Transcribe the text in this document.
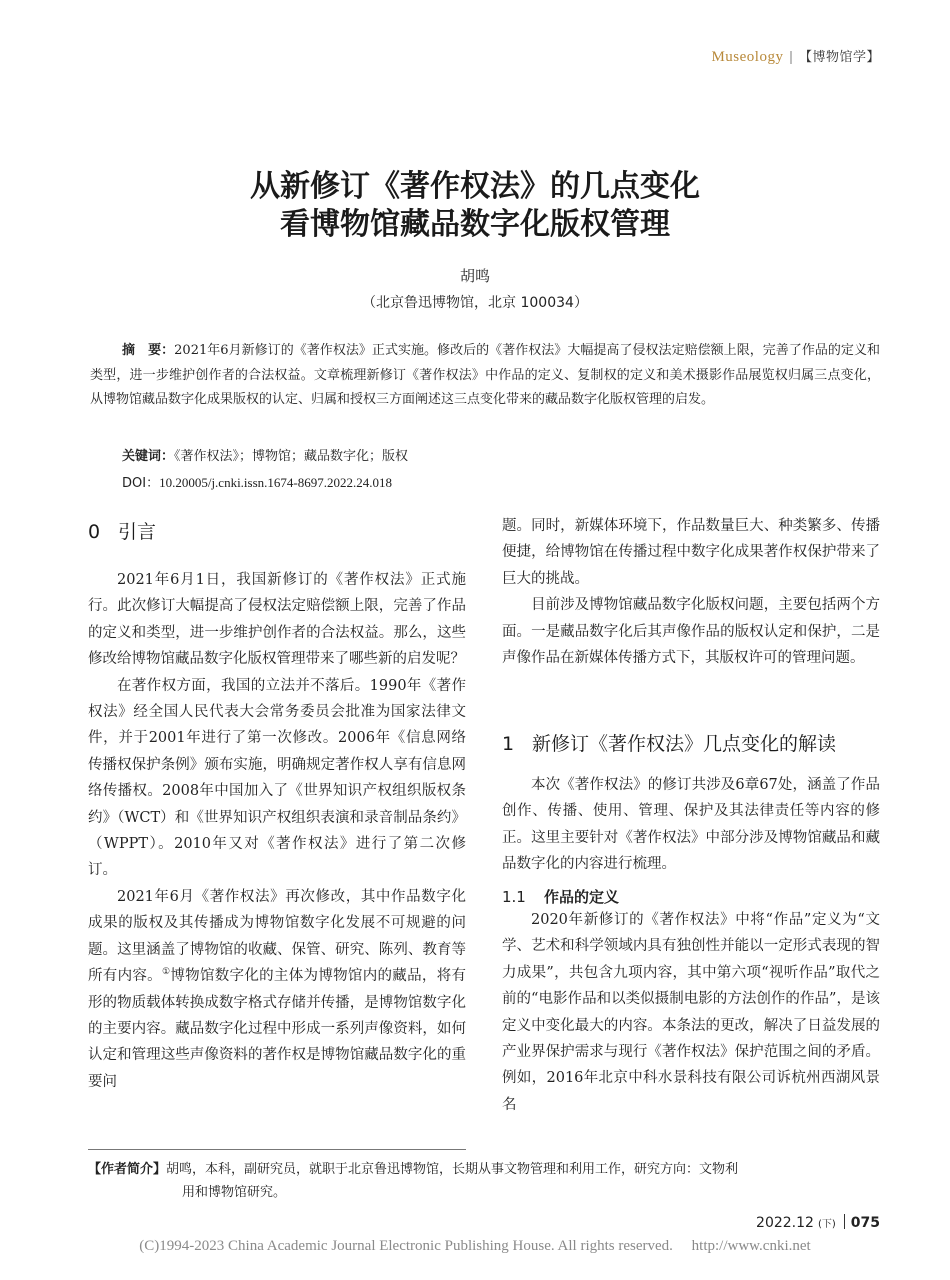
Museology | 【博物馆学】
从新修订《著作权法》的几点变化
看博物馆藏品数字化版权管理
胡鸣
（北京鲁迅博物馆，北京 100034）
摘　要：2021年6月新修订的《著作权法》正式实施。修改后的《著作权法》大幅提高了侵权法定赔偿额上限，完善了作品的定义和类型，进一步维护创作者的合法权益。文章梳理新修订《著作权法》中作品的定义、复制权的定义和美术摄影作品展览权归属三点变化，从博物馆藏品数字化成果版权的认定、归属和授权三方面阐述这三点变化带来的藏品数字化版权管理的启发。
关键词：《著作权法》；博物馆；藏品数字化；版权
DOI：10.20005/j.cnki.issn.1674-8697.2022.24.018
0 引言

2021年6月1日，我国新修订的《著作权法》正式施行。此次修订大幅提高了侵权法定赔偿额上限，完善了作品的定义和类型，进一步维护创作者的合法权益。那么，这些修改给博物馆藏品数字化版权管理带来了哪些新的启发呢？

在著作权方面，我国的立法并不落后。1990年《著作权法》经全国人民代表大会常务委员会批准为国家法律文件，并于2001年进行了第一次修改。2006年《信息网络传播权保护条例》颁布实施，明确规定著作权人享有信息网络传播权。2008年中国加入了《世界知识产权组织版权条约》（WCT）和《世界知识产权组织表演和录音制品条约》（WPPT）。2010年又对《著作权法》进行了第二次修订。

2021年6月《著作权法》再次修改，其中作品数字化成果的版权及其传播成为博物馆数字化发展不可规避的问题。这里涵盖了博物馆的收藏、保管、研究、陈列、教育等所有内容。①博物馆数字化的主体为博物馆内的藏品，将有形的物质载体转换成数字格式存储并传播，是博物馆数字化的主要内容。藏品数字化过程中形成一系列声像资料，如何认定和管理这些声像资料的著作权是博物馆藏品数字化的重要问

题。同时，新媒体环境下，作品数量巨大、种类繁多、传播便捷，给博物馆在传播过程中数字化成果著作权保护带来了巨大的挑战。

目前涉及博物馆藏品数字化版权问题，主要包括两个方面。一是藏品数字化后其声像作品的版权认定和保护，二是声像作品在新媒体传播方式下，其版权许可的管理问题。

1 新修订《著作权法》几点变化的解读

本次《著作权法》的修订共涉及6章67处，涵盖了作品创作、传播、使用、管理、保护及其法律责任等内容的修正。这里主要针对《著作权法》中部分涉及博物馆藏品和藏品数字化的内容进行梳理。

1.1 作品的定义

2020年新修订的《著作权法》中将“作品”定义为“文学、艺术和科学领域内具有独创性并能以一定形式表现的智力成果”，共包含九项内容，其中第六项“视听作品”取代之前的“电影作品和以类似摄制电影的方法创作的作品”，是该定义中变化最大的内容。本条法的更改，解决了日益发展的产业界保护需求与现行《著作权法》保护范围之间的矛盾。例如，2016年北京中科水景科技有限公司诉杭州西湖风景名

【作者简介】胡鸣，本科，副研究员，就职于北京鲁迅博物馆，长期从事文物管理和利用工作，研究方向：文物利
用和博物馆研究。
2022.12 (下) 075
(C)1994-2023 China Academic Journal Electronic Publishing House. All rights reserved.　 http://www.cnki.net
